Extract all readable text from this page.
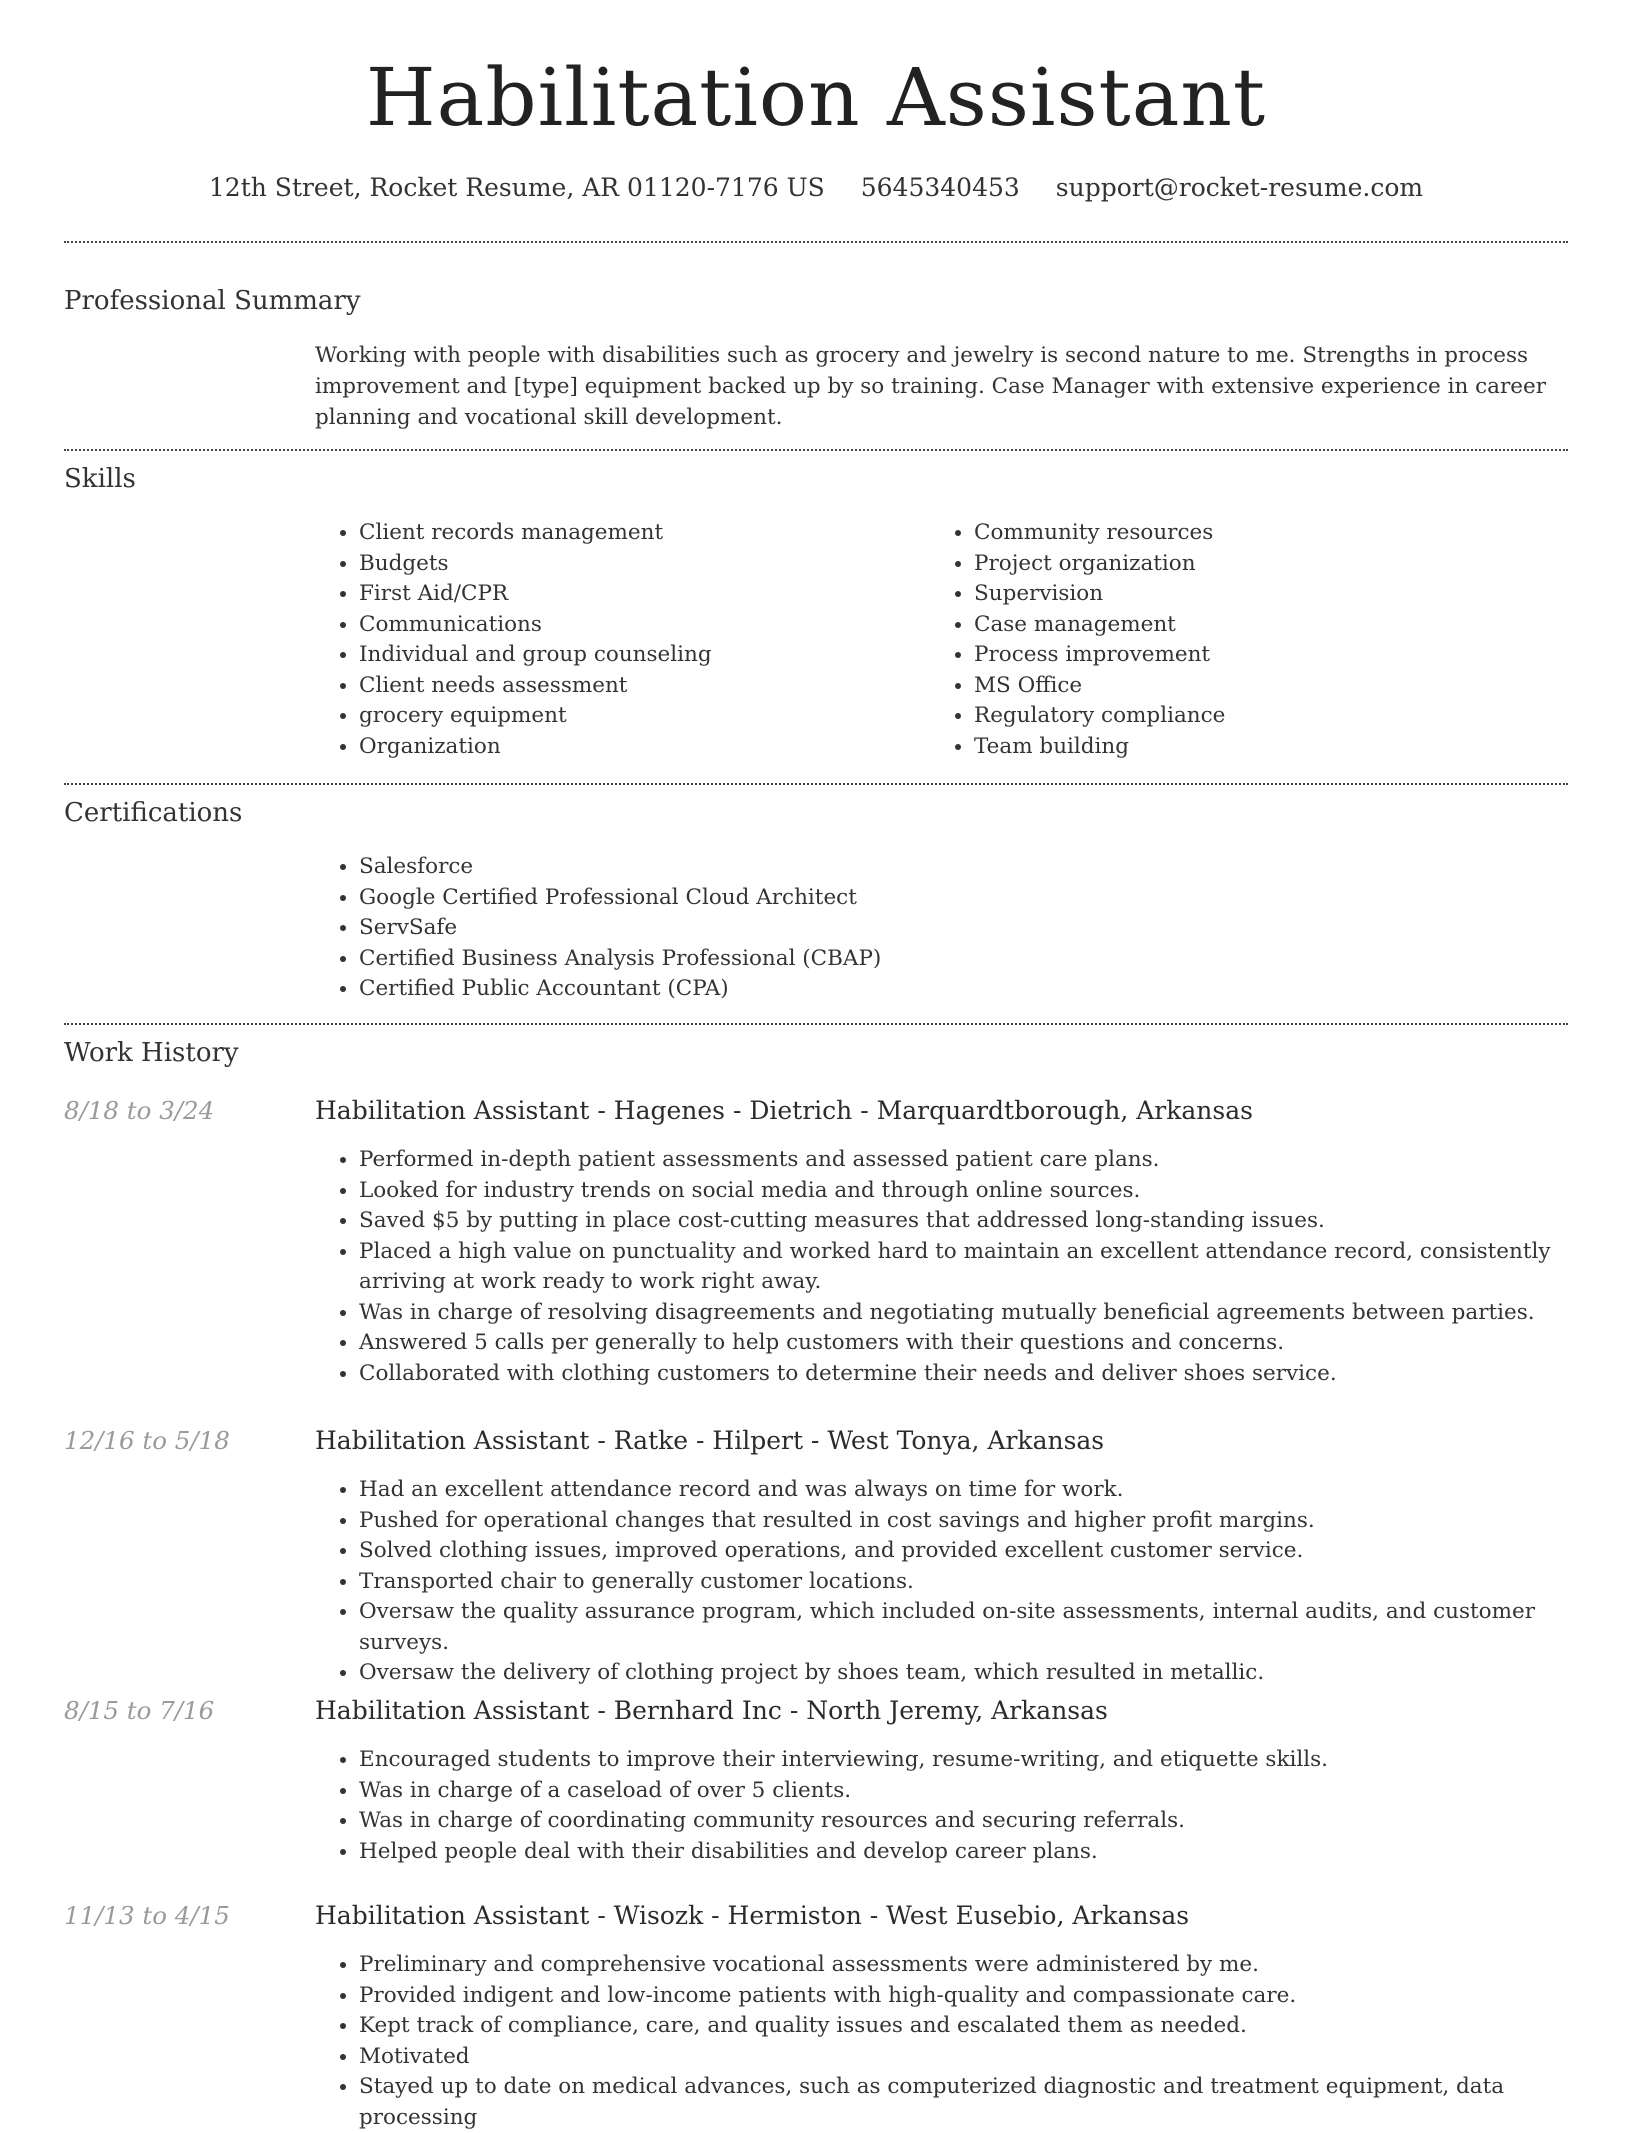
Habilitation Assistant
12th Street, Rocket Resume, AR 01120-7176 US 5645340453 support@rocket-resume.com
Professional Summary

Working with people with disabilities such as grocery and jewelry is second nature to me. Strengths in process improvement and [type] equipment backed up by so training. Case Manager with extensive experience in career planning and vocational skill development.

Skills
• Client records management
• Budgets
• First Aid/CPR
• Communications
• Individual and group counseling
• Client needs assessment
• grocery equipment
• Organization
• Community resources
• Project organization
• Supervision
• Case management
• Process improvement
• MS Office
• Regulatory compliance
• Team building
Certifications
• Salesforce
• Google Certified Professional Cloud Architect
• ServSafe
• Certified Business Analysis Professional (CBAP)
• Certified Public Accountant (CPA)
Work History
8/18 to 3/24	Habilitation Assistant - Hagenes - Dietrich - Marquardtborough, Arkansas
• Performed in-depth patient assessments and assessed patient care plans.
• Looked for industry trends on social media and through online sources.
• Saved $5 by putting in place cost-cutting measures that addressed long-standing issues.
• Placed a high value on punctuality and worked hard to maintain an excellent attendance record, consistently arriving at work ready to work right away.
• Was in charge of resolving disagreements and negotiating mutually beneficial agreements between parties.
• Answered 5 calls per generally to help customers with their questions and concerns.
• Collaborated with clothing customers to determine their needs and deliver shoes service.
12/16 to 5/18	Habilitation Assistant - Ratke - Hilpert - West Tonya, Arkansas
• Had an excellent attendance record and was always on time for work.
• Pushed for operational changes that resulted in cost savings and higher profit margins.
• Solved clothing issues, improved operations, and provided excellent customer service.
• Transported chair to generally customer locations.
• Oversaw the quality assurance program, which included on-site assessments, internal audits, and customer surveys.
• Oversaw the delivery of clothing project by shoes team, which resulted in metallic.
8/15 to 7/16	Habilitation Assistant - Bernhard Inc - North Jeremy, Arkansas
• Encouraged students to improve their interviewing, resume-writing, and etiquette skills.
• Was in charge of a caseload of over 5 clients.
• Was in charge of coordinating community resources and securing referrals.
• Helped people deal with their disabilities and develop career plans.
11/13 to 4/15	Habilitation Assistant - Wisozk - Hermiston - West Eusebio, Arkansas
• Preliminary and comprehensive vocational assessments were administered by me.
• Provided indigent and low-income patients with high-quality and compassionate care.
• Kept track of compliance, care, and quality issues and escalated them as needed.
• Motivated
• Stayed up to date on medical advances, such as computerized diagnostic and treatment equipment, data processing
